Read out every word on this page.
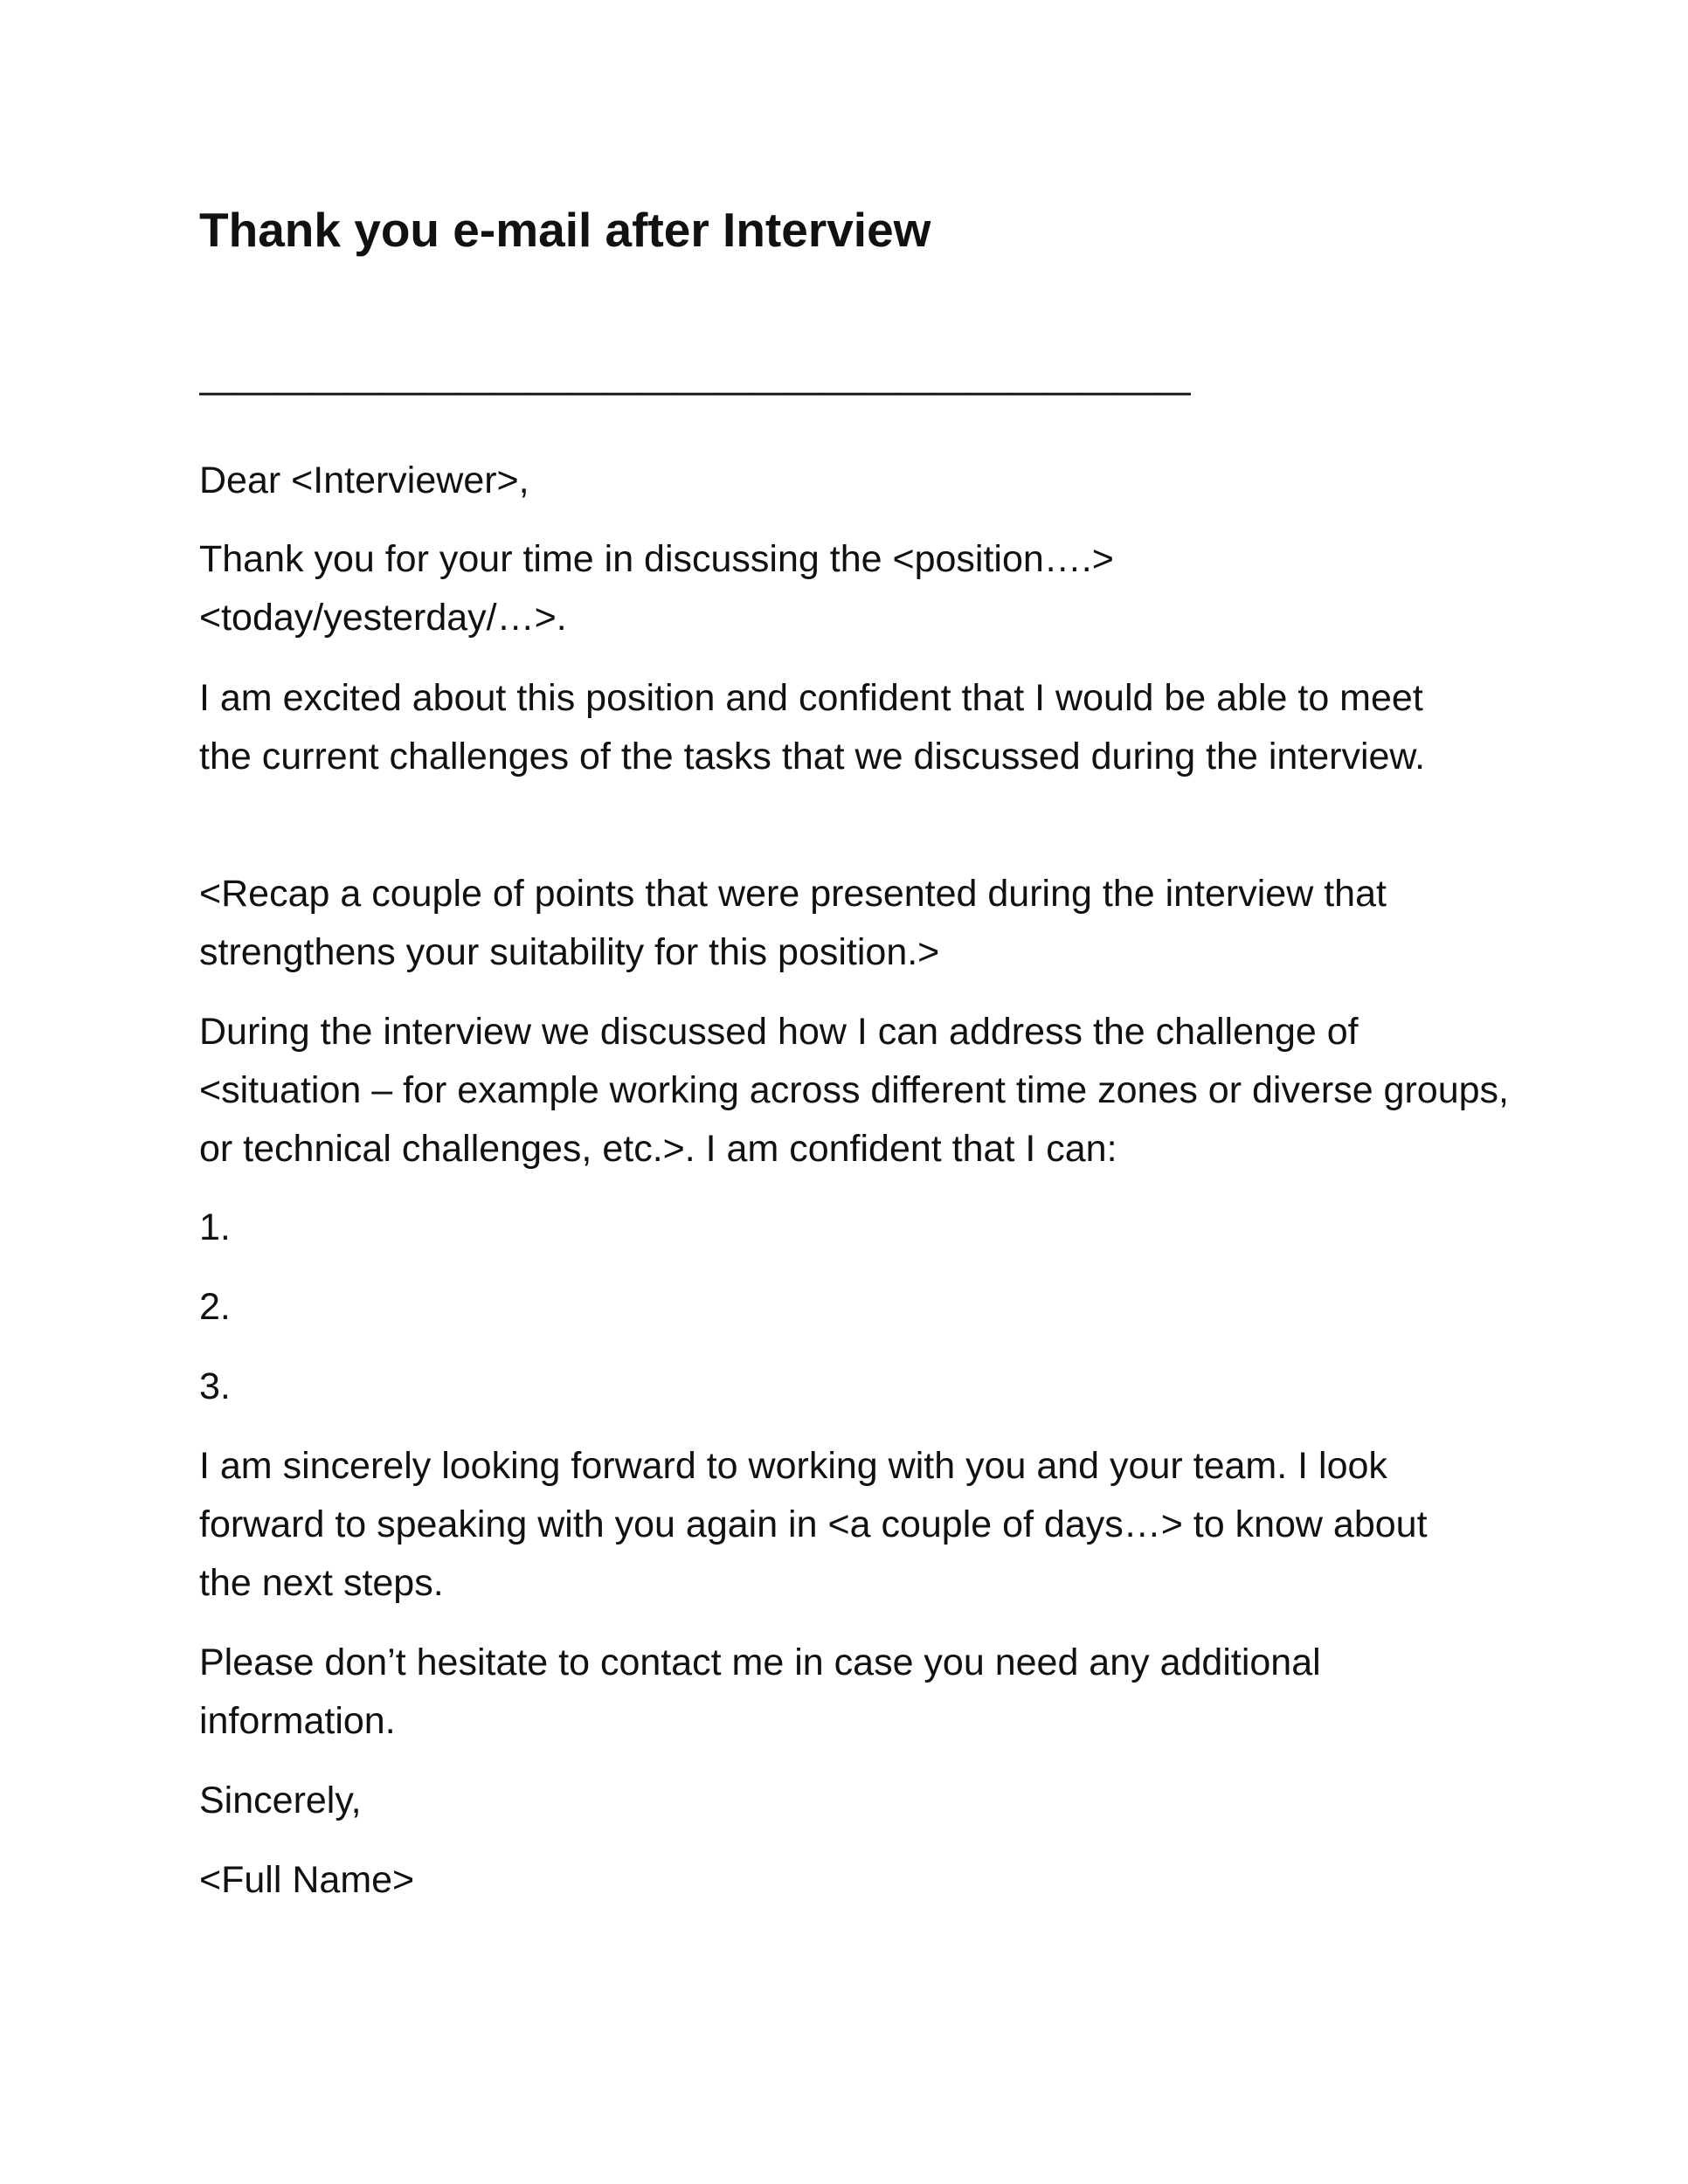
Thank you e-mail after Interview
———————————————————————————

Dear <Interviewer>,

Thank you for your time in discussing the <position….> <today/yesterday/…>.

I am excited about this position and confident that I would be able to meet the current challenges of the tasks that we discussed during the interview.

<Recap a couple of points that were presented during the interview that strengthens your suitability for this position.>

During the interview we discussed how I can address the challenge of <situation – for example working across different time zones or diverse groups, or technical challenges, etc.>. I am confident that I can:

1.

2.

3.

I am sincerely looking forward to working with you and your team. I look forward to speaking with you again in <a couple of days…> to know about the next steps.

Please don’t hesitate to contact me in case you need any additional information.

Sincerely,

<Full Name>
